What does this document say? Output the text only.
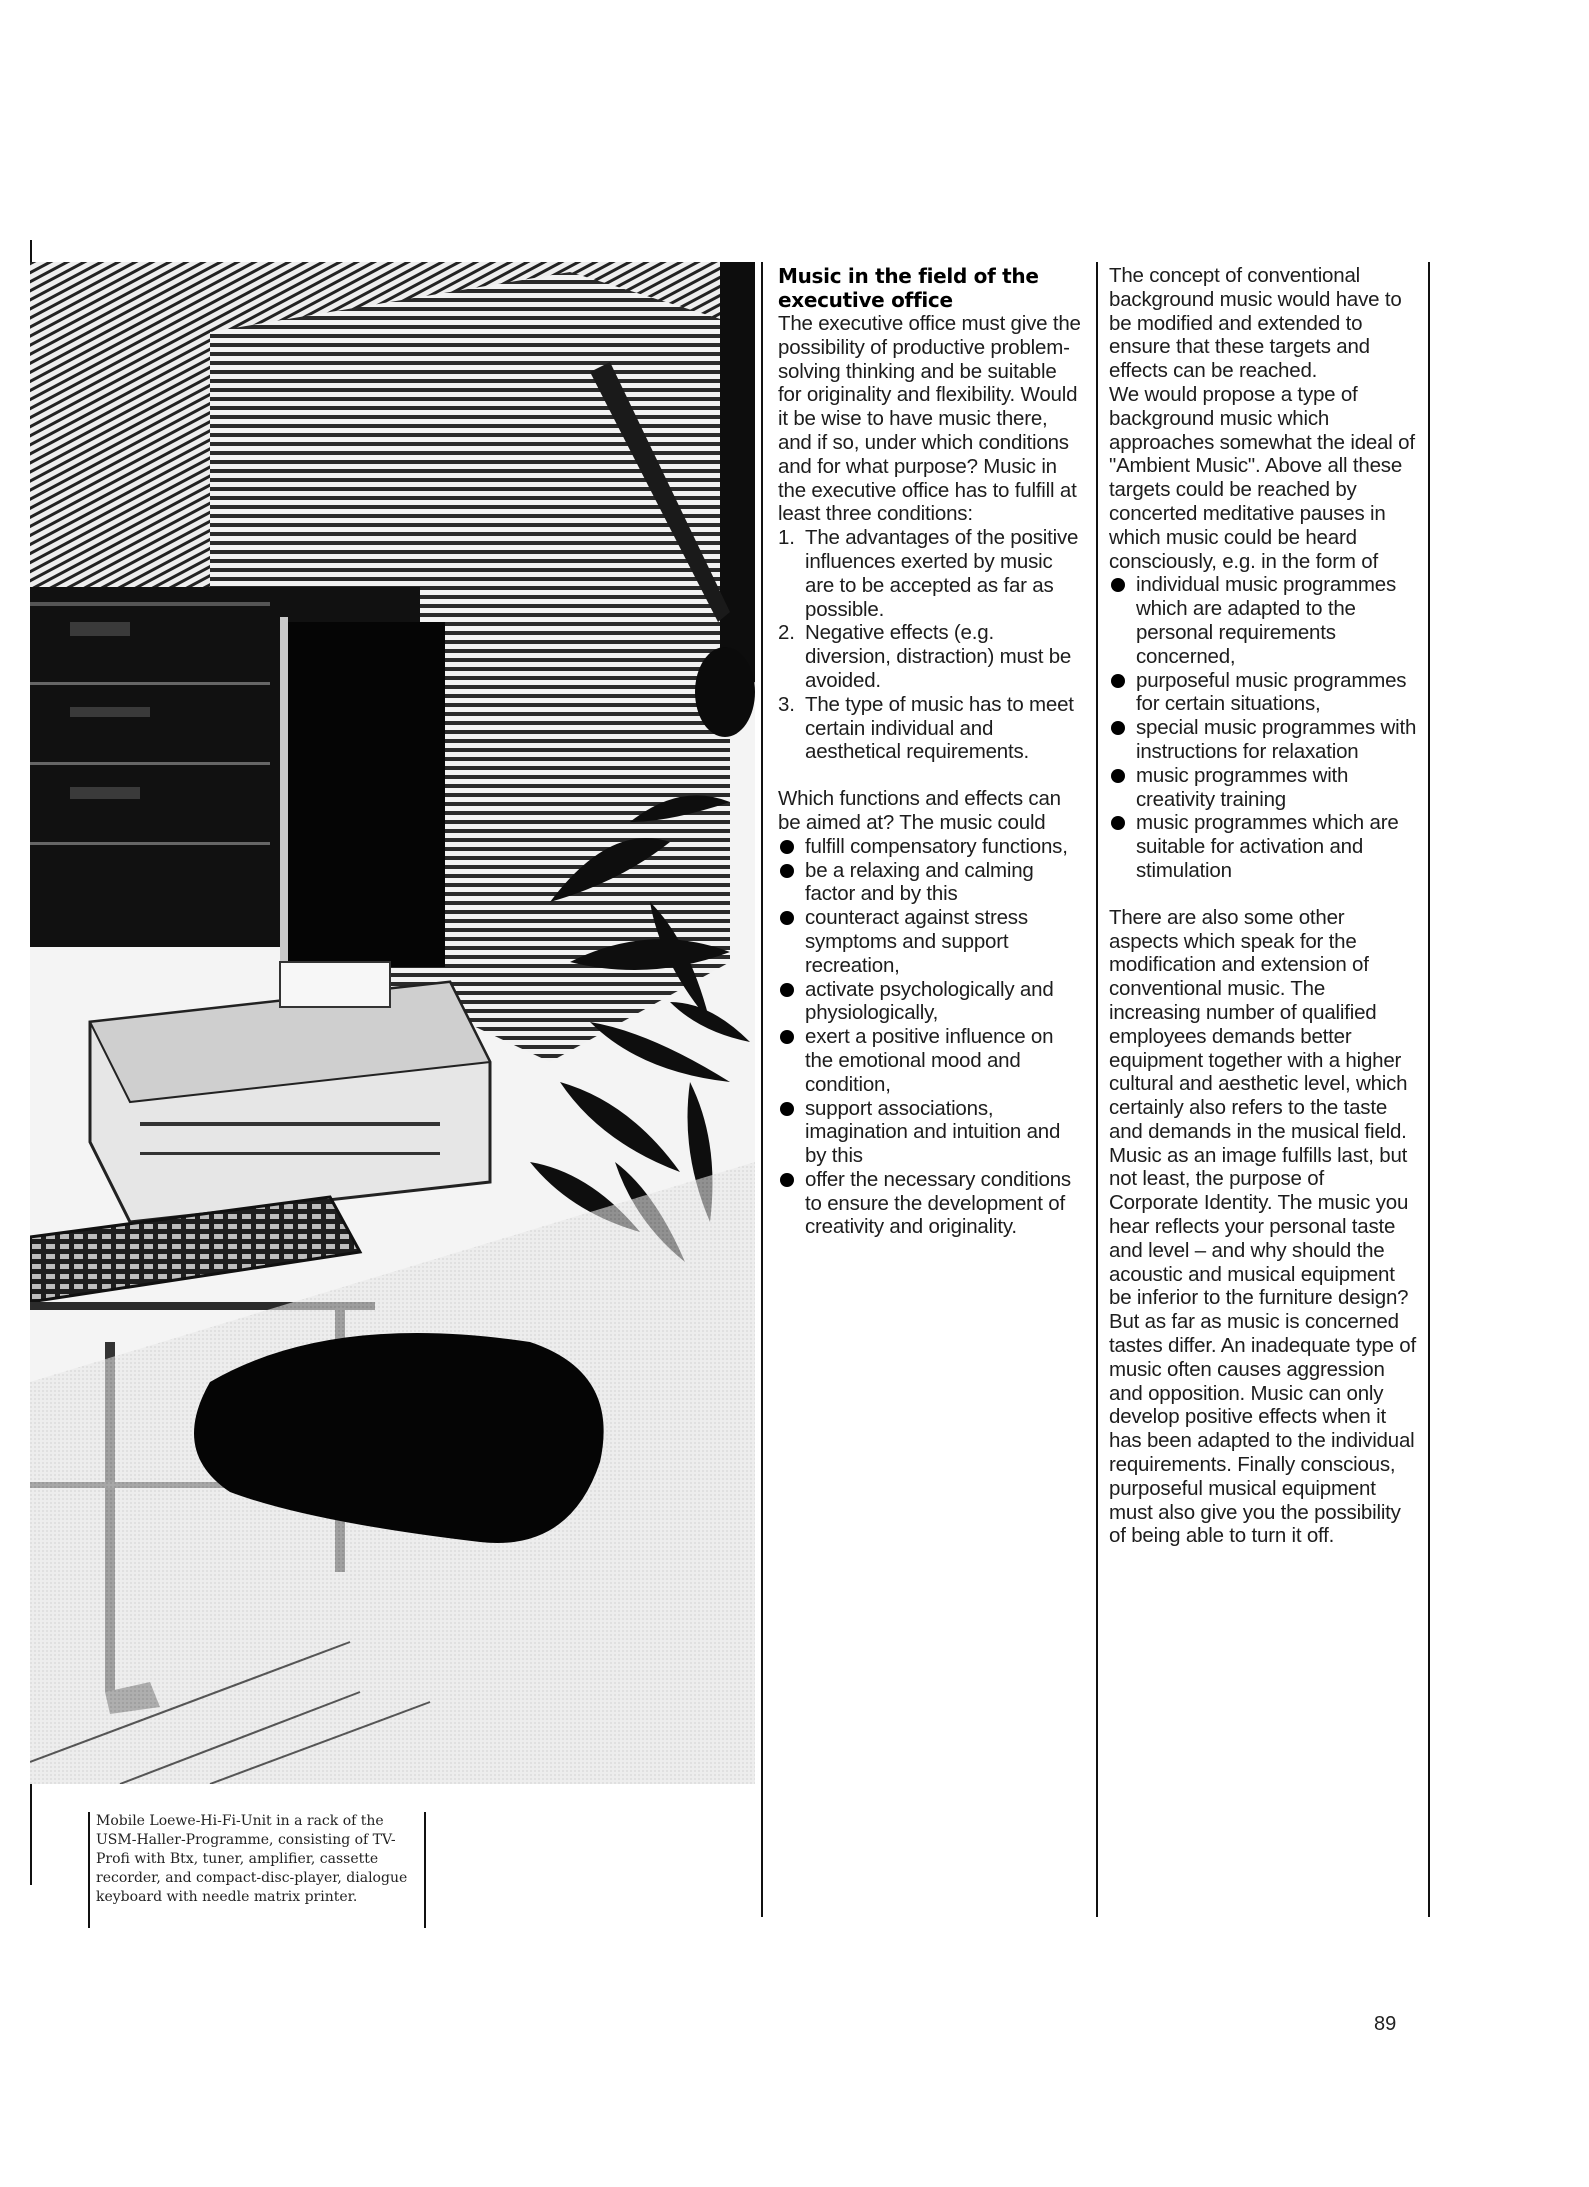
Mobile Loewe-Hi-Fi-Unit in a rack of the USM-Haller-Programme, consisting of TV-Profi with Btx, tuner, amplifier, cassette recorder, and compact-disc-player, dialogue keyboard with needle matrix printer.

Music in the field of the executive office

The executive office must give the possibility of productive problem-solving thinking and be suitable for originality and flexibility. Would it be wise to have music there, and if so, under which conditions and for what purpose? Music in the executive office has to fulfill at least three conditions:

1. The advantages of the positive influences exerted by music are to be accepted as far as possible.
2. Negative effects (e.g. diversion, distraction) must be avoided.
3. The type of music has to meet certain individual and aesthetical requirements.

Which functions and effects can be aimed at? The music could

fulfill compensatory functions,
be a relaxing and calming factor and by this
counteract against stress symptoms and support recreation,
activate psychologically and physiologically,
exert a positive influence on the emotional mood and condition,
support associations, imagination and intuition and by this
offer the necessary conditions to ensure the development of creativity and originality.

The concept of conventional background music would have to be modified and extended to ensure that these targets and effects can be reached.

We would propose a type of background music which approaches somewhat the ideal of "Ambient Music". Above all these targets could be reached by concerted meditative pauses in which music could be heard consciously, e.g. in the form of

individual music programmes which are adapted to the personal requirements concerned,
purposeful music programmes for certain situations,
special music programmes with instructions for relaxation
music programmes with creativity training
music programmes which are suitable for activation and stimulation

There are also some other aspects which speak for the modification and extension of conventional music. The increasing number of qualified employees demands better equipment together with a higher cultural and aesthetic level, which certainly also refers to the taste and demands in the musical field. Music as an image fulfills last, but not least, the purpose of Corporate Identity. The music you hear reflects your personal taste and level – and why should the acoustic and musical equipment be inferior to the furniture design? But as far as music is concerned tastes differ. An inadequate type of music often causes aggression and opposition. Music can only develop positive effects when it has been adapted to the individual requirements. Finally conscious, purposeful musical equipment must also give you the possibility of being able to turn it off.

89
